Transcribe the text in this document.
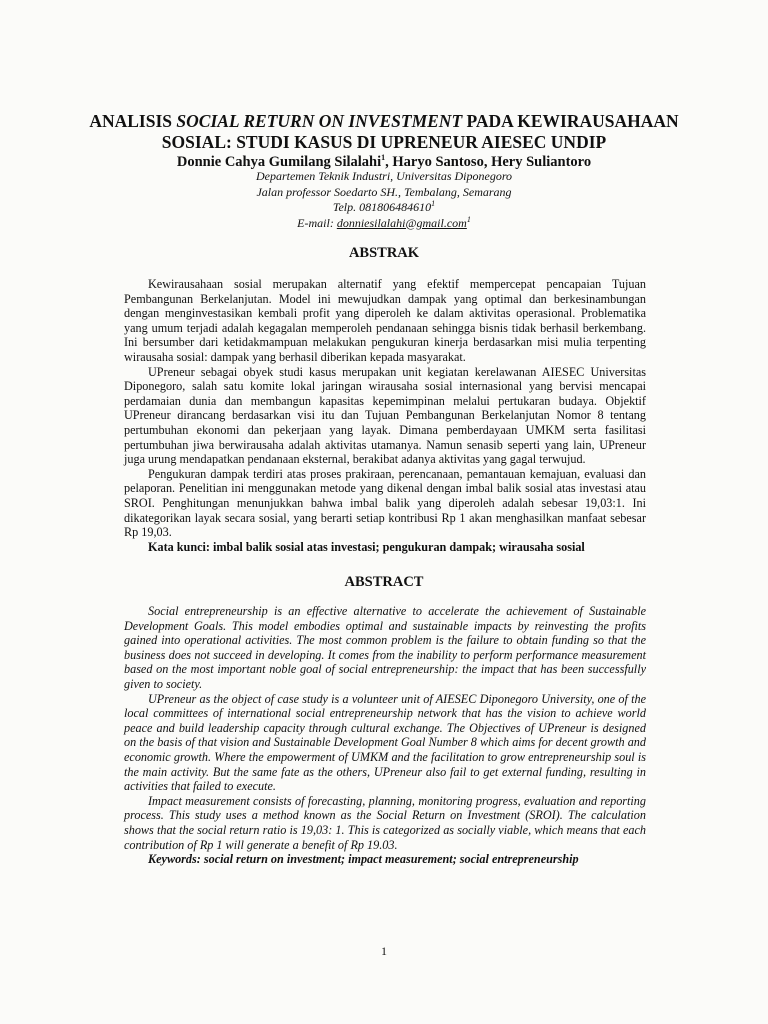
ANALISIS SOCIAL RETURN ON INVESTMENT PADA KEWIRAUSAHAAN
SOSIAL: STUDI KASUS DI UPRENEUR AIESEC UNDIP
Donnie Cahya Gumilang Silalahi$^1$, Haryo Santoso, Hery Suliantoro
Departemen Teknik Industri, Universitas Diponegoro
Jalan professor Soedarto SH., Tembalang, Semarang
Telp. 081806484610$^1$
E-mail: donniesilalahi@gmail.com$^1$
ABSTRAK

Kewirausahaan sosial merupakan alternatif yang efektif mempercepat pencapaian Tujuan Pembangunan Berkelanjutan. Model ini mewujudkan dampak yang optimal dan berkesinambungan dengan menginvestasikan kembali profit yang diperoleh ke dalam aktivitas operasional. Problematika yang umum terjadi adalah kegagalan memperoleh pendanaan sehingga bisnis tidak berhasil berkembang. Ini bersumber dari ketidakmampuan melakukan pengukuran kinerja berdasarkan misi mulia terpenting wirausaha sosial: dampak yang berhasil diberikan kepada masyarakat.

UPreneur sebagai obyek studi kasus merupakan unit kegiatan kerelawanan AIESEC Universitas Diponegoro, salah satu komite lokal jaringan wirausaha sosial internasional yang bervisi mencapai perdamaian dunia dan membangun kapasitas kepemimpinan melalui pertukaran budaya. Objektif UPreneur dirancang berdasarkan visi itu dan Tujuan Pembangunan Berkelanjutan Nomor 8 tentang pertumbuhan ekonomi dan pekerjaan yang layak. Dimana pemberdayaan UMKM serta fasilitasi pertumbuhan jiwa berwirausaha adalah aktivitas utamanya. Namun senasib seperti yang lain, UPreneur juga urung mendapatkan pendanaan eksternal, berakibat adanya aktivitas yang gagal terwujud.

Pengukuran dampak terdiri atas proses prakiraan, perencanaan, pemantauan kemajuan, evaluasi dan pelaporan. Penelitian ini menggunakan metode yang dikenal dengan imbal balik sosial atas investasi atau SROI. Penghitungan menunjukkan bahwa imbal balik yang diperoleh adalah sebesar 19,03:1. Ini dikategorikan layak secara sosial, yang berarti setiap kontribusi Rp 1 akan menghasilkan manfaat sebesar Rp 19,03.

Kata kunci: imbal balik sosial atas investasi; pengukuran dampak; wirausaha sosial
ABSTRACT

Social entrepreneurship is an effective alternative to accelerate the achievement of Sustainable Development Goals. This model embodies optimal and sustainable impacts by reinvesting the profits gained into operational activities. The most common problem is the failure to obtain funding so that the business does not succeed in developing. It comes from the inability to perform performance measurement based on the most important noble goal of social entrepreneurship: the impact that has been successfully given to society.

UPreneur as the object of case study is a volunteer unit of AIESEC Diponegoro University, one of the local committees of international social entrepreneurship network that has the vision to achieve world peace and build leadership capacity through cultural exchange. The Objectives of UPreneur is designed on the basis of that vision and Sustainable Development Goal Number 8 which aims for decent growth and economic growth. Where the empowerment of UMKM and the facilitation to grow entrepreneurship soul is the main activity. But the same fate as the others, UPreneur also fail to get external funding, resulting in activities that failed to execute.

Impact measurement consists of forecasting, planning, monitoring progress, evaluation and reporting process. This study uses a method known as the Social Return on Investment (SROI). The calculation shows that the social return ratio is 19,03: 1. This is categorized as socially viable, which means that each contribution of Rp 1 will generate a benefit of Rp 19.03.

Keywords: social return on investment; impact measurement; social entrepreneurship
1
